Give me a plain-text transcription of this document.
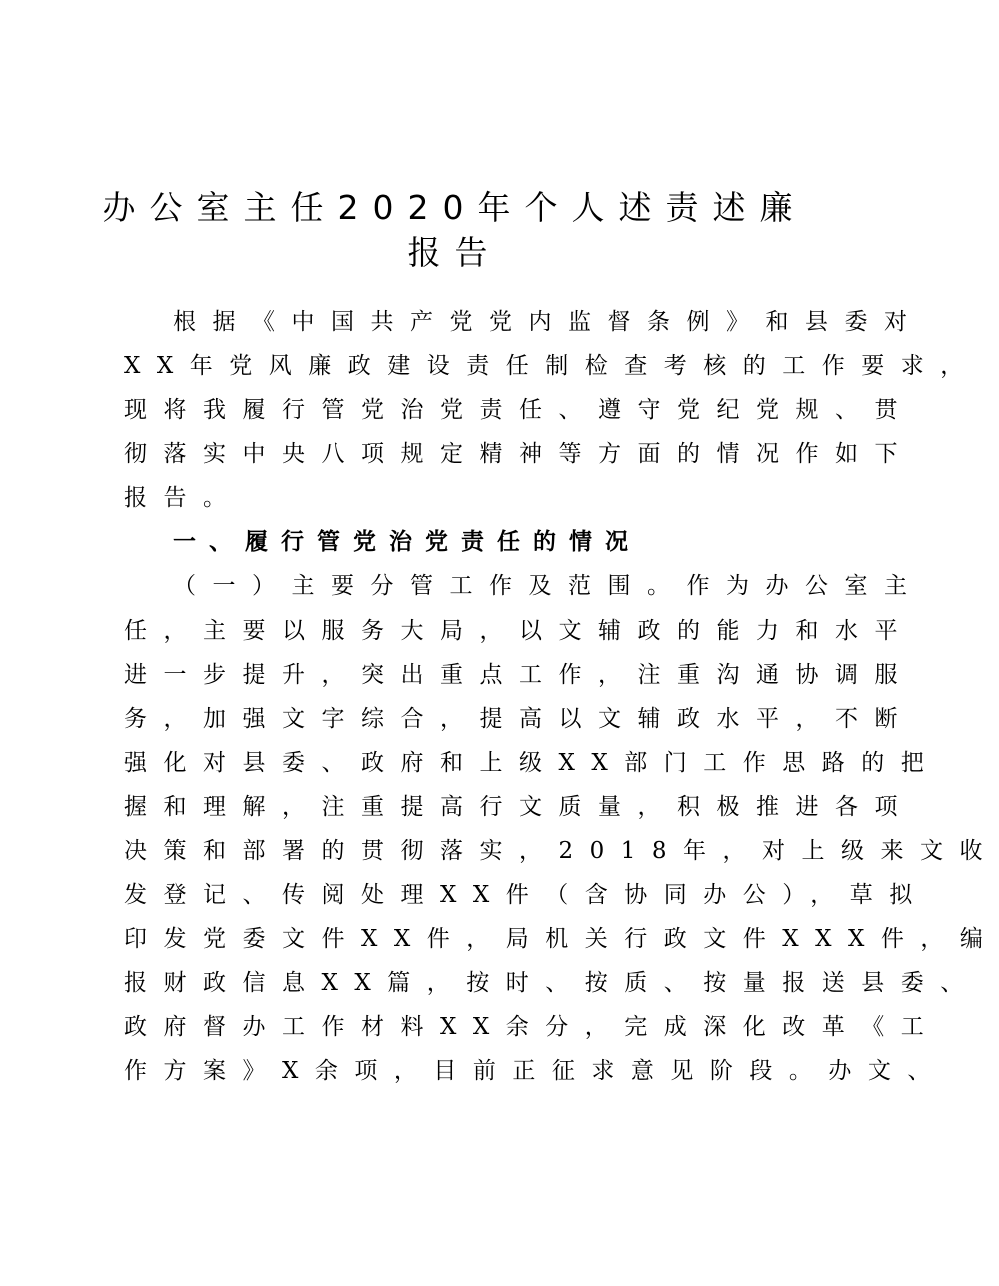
办公室主任2020年个人述责述廉
报告
根据《中国共产党党内监督条例》和县委对
XX年党风廉政建设责任制检查考核的工作要求，
现将我履行管党治党责任、遵守党纪党规、贯
彻落实中央八项规定精神等方面的情况作如下
报告。
一、履行管党治党责任的情况
（一）主要分管工作及范围。作为办公室主
任，主要以服务大局，以文辅政的能力和水平
进一步提升，突出重点工作，注重沟通协调服
务，加强文字综合，提高以文辅政水平，不断
强化对县委、政府和上级XX部门工作思路的把
握和理解，注重提高行文质量，积极推进各项
决策和部署的贯彻落实，2018年，对上级来文收
发登记、传阅处理XX件（含协同办公），草拟
印发党委文件XX件，局机关行政文件XXX件，编
报财政信息XX篇，按时、按质、按量报送县委、
政府督办工作材料XX余分，完成深化改革《工
作方案》X余项，目前正征求意见阶段。办文、
